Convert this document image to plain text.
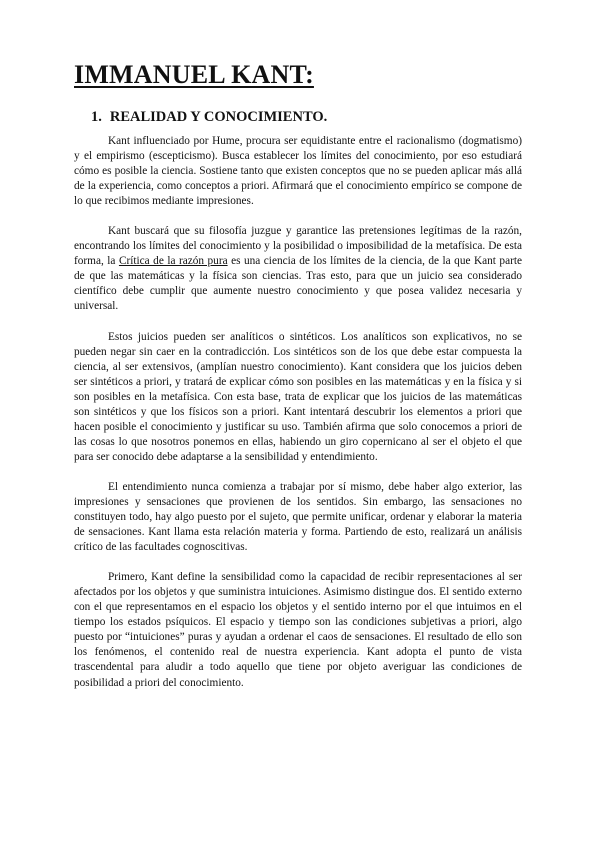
IMMANUEL KANT:
1. REALIDAD Y CONOCIMIENTO.

Kant influenciado por Hume, procura ser equidistante entre el racionalismo (dogmatismo) y el empirismo (escepticismo). Busca establecer los límites del conocimiento, por eso estudiará cómo es posible la ciencia. Sostiene tanto que existen conceptos que no se pueden aplicar más allá de la experiencia, como conceptos a priori. Afirmará que el conocimiento empírico se compone de lo que recibimos mediante impresiones.

Kant buscará que su filosofía juzgue y garantice las pretensiones legítimas de la razón, encontrando los límites del conocimiento y la posibilidad o imposibilidad de la metafísica. De esta forma, la Crítica de la razón pura es una ciencia de los límites de la ciencia, de la que Kant parte de que las matemáticas y la física son ciencias. Tras esto, para que un juicio sea considerado científico debe cumplir que aumente nuestro conocimiento y que posea validez necesaria y universal.

Estos juicios pueden ser analíticos o sintéticos. Los analíticos son explicativos, no se pueden negar sin caer en la contradicción. Los sintéticos son de los que debe estar compuesta la ciencia, al ser extensivos, (amplían nuestro conocimiento). Kant considera que los juicios deben ser sintéticos a priori, y tratará de explicar cómo son posibles en las matemáticas y en la física y si son posibles en la metafísica. Con esta base, trata de explicar que los juicios de las matemáticas son sintéticos y que los físicos son a priori. Kant intentará descubrir los elementos a priori que hacen posible el conocimiento y justificar su uso. También afirma que solo conocemos a priori de las cosas lo que nosotros ponemos en ellas, habiendo un giro copernicano al ser el objeto el que para ser conocido debe adaptarse a la sensibilidad y entendimiento.

El entendimiento nunca comienza a trabajar por sí mismo, debe haber algo exterior, las impresiones y sensaciones que provienen de los sentidos. Sin embargo, las sensaciones no constituyen todo, hay algo puesto por el sujeto, que permite unificar, ordenar y elaborar la materia de sensaciones. Kant llama esta relación materia y forma. Partiendo de esto, realizará un análisis crítico de las facultades cognoscitivas.

Primero, Kant define la sensibilidad como la capacidad de recibir representaciones al ser afectados por los objetos y que suministra intuiciones. Asimismo distingue dos. El sentido externo con el que representamos en el espacio los objetos y el sentido interno por el que intuimos en el tiempo los estados psíquicos. El espacio y tiempo son las condiciones subjetivas a priori, algo puesto por “intuiciones” puras y ayudan a ordenar el caos de sensaciones. El resultado de ello son los fenómenos, el contenido real de nuestra experiencia. Kant adopta el punto de vista trascendental para aludir a todo aquello que tiene por objeto averiguar las condiciones de posibilidad a priori del conocimiento.
